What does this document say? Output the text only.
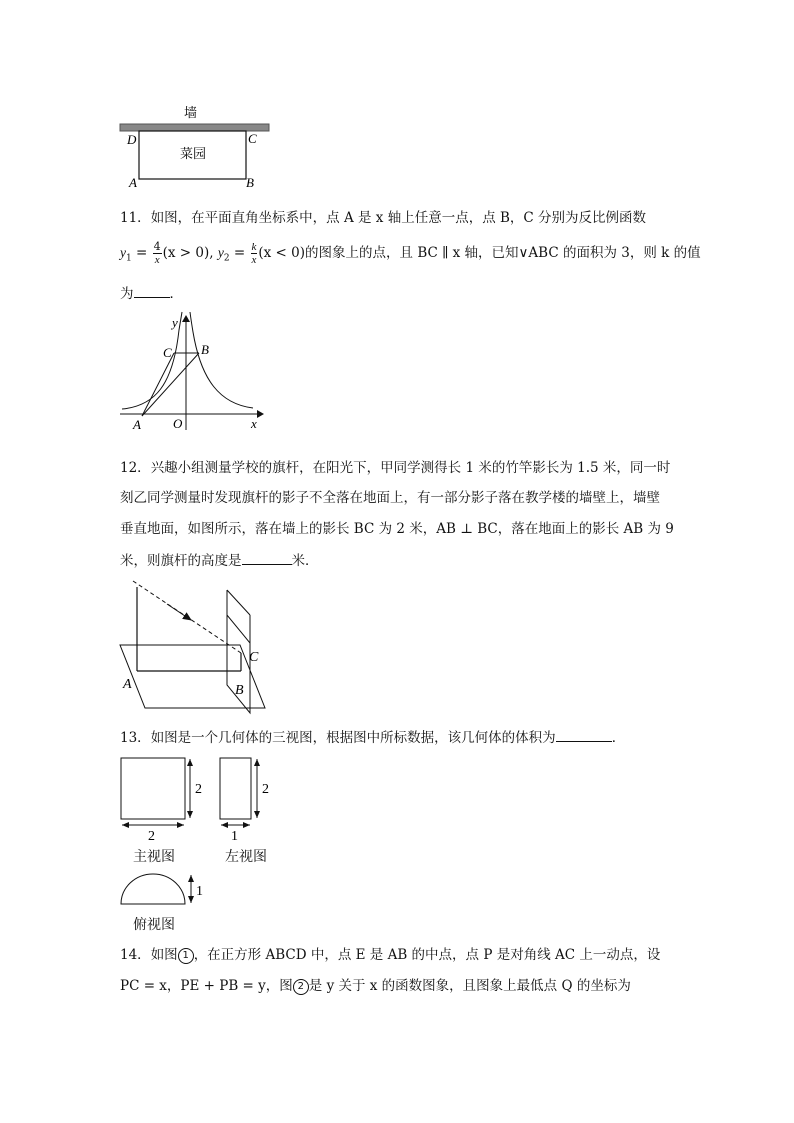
墙
菜园
D	C
A	B
11．如图，在平面直角坐标系中，点 A 是 x 轴上任意一点，点 B，C 分别为反比例函数
$y_1 = \frac{4}{x} (x > 0)$, $y_2 = \frac{k}{x} (x < 0)$的图象上的点，且 BC ∥ x 轴，已知∨ABC 的面积为 3，则 k 的值
为	．
y
x
O
A
B
C
12．兴趣小组测量学校的旗杆，在阳光下，甲同学测得长 1 米的竹竿影长为 1.5 米，同一时
刻乙同学测量时发现旗杆的影子不全落在地面上，有一部分影子落在教学楼的墙壁上，墙壁
垂直地面，如图所示，落在墙上的影长 BC 为 2 米，AB ⊥ BC，落在地面上的影长 AB 为 9
米，则旗杆的高度是	米．
A	B
C
13．如图是一个几何体的三视图，根据图中所标数据，该几何体的体积为	．
2
2
2
1
1
主视图	左视图
俯视图
14．如图 1 ，在正方形 ABCD 中，点 E 是 AB 的中点，点 P 是对角线 AC 上一动点，设
PC = x，PE + PB = y，图 2 是 y 关于 x 的函数图象，且图象上最低点 Q 的坐标为
